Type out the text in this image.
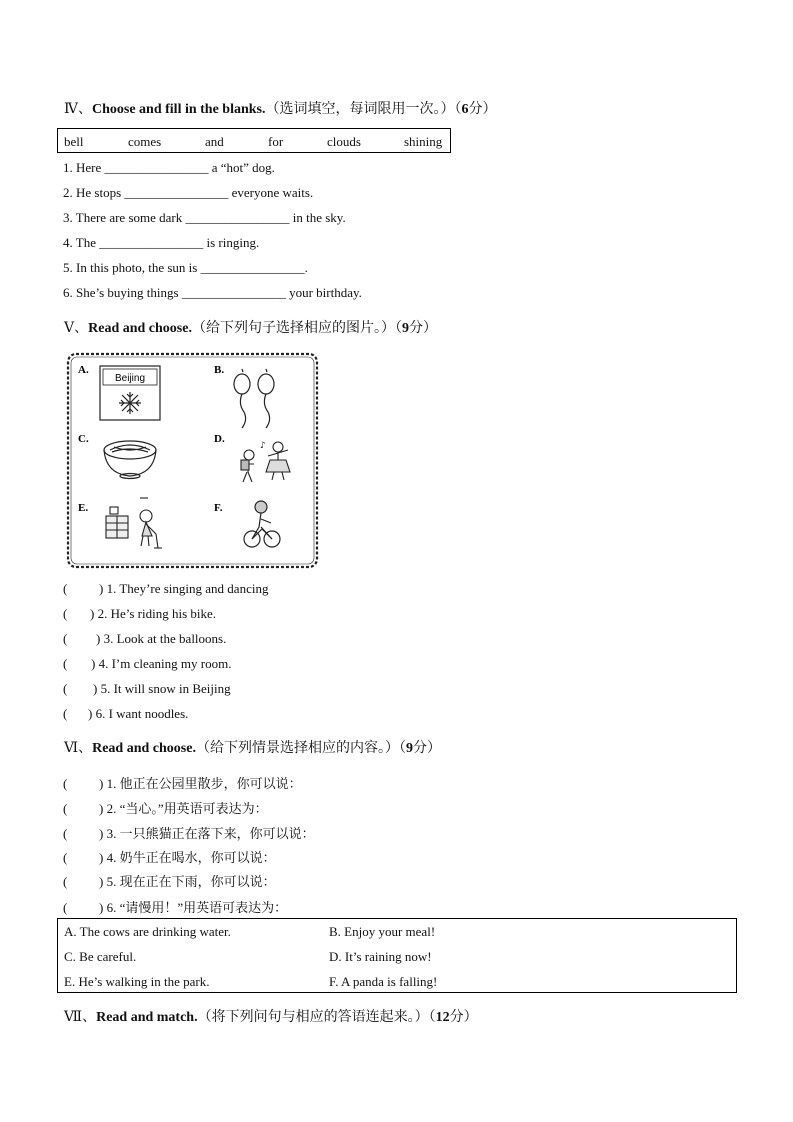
Ⅳ、Choose and fill in the blanks.（选词填空，每词限用一次。）（6分）
bell	comes	and	for	clouds	shining
1. Here ________________ a “hot” dog.
2. He stops ________________ everyone waits.
3. There are some dark ________________ in the sky.
4. The ________________ is ringing.
5. In this photo, the sun is ________________.
6. She’s buying things ________________ your birthday.
Ⅴ、Read and choose.（给下列句子选择相应的图片。）（9分）
A.	B.
C.	D.
E.	F.
Beijing
♪
( ) 1. They’re singing and dancing
( ) 2. He’s riding his bike.
( ) 3. Look at the balloons.
( ) 4. I’m cleaning my room.
( ) 5. It will snow in Beijing
( ) 6. I want noodles.
Ⅵ、Read and choose.（给下列情景选择相应的内容。）（9分）
( ) 1. 他正在公园里散步，你可以说：
( ) 2. “当心。”用英语可表达为：
( ) 3. 一只熊猫正在落下来，你可以说：
( ) 4. 奶牛正在喝水，你可以说：
( ) 5. 现在正在下雨，你可以说：
( ) 6. “请慢用！”用英语可表达为：
A. The cows are drinking water.	B. Enjoy your meal!
C. Be careful.	D. It’s raining now!
E. He’s walking in the park.	F. A panda is falling!
Ⅶ、Read and match.（将下列问句与相应的答语连起来。）（12分）
